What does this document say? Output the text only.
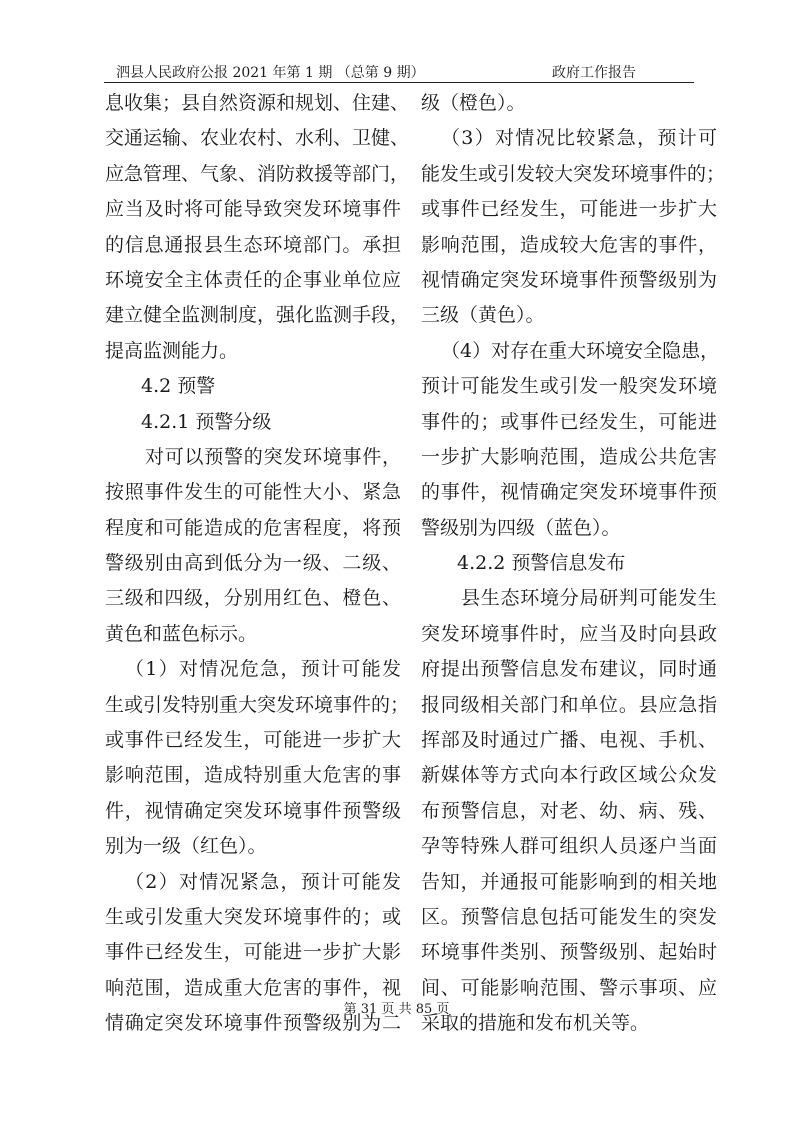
泗县人民政府公报 2021 年第 1 期 （总第 9 期）	政府工作报告
息收集；县自然资源和规划、住建、
交通运输、农业农村、水利、卫健、
应急管理、气象、消防救援等部门，
应当及时将可能导致突发环境事件
的信息通报县生态环境部门。承担
环境安全主体责任的企事业单位应
建立健全监测制度，强化监测手段，
提高监测能力。
4.2 预警
4.2.1 预警分级
对可以预警的突发环境事件，
按照事件发生的可能性大小、紧急
程度和可能造成的危害程度，将预
警级别由高到低分为一级、二级、
三级和四级，分别用红色、橙色、
黄色和蓝色标示。
（1）对情况危急，预计可能发
生或引发特别重大突发环境事件的；
或事件已经发生，可能进一步扩大
影响范围，造成特别重大危害的事
件，视情确定突发环境事件预警级
别为一级（红色）。
（2）对情况紧急，预计可能发
生或引发重大突发环境事件的；或
事件已经发生，可能进一步扩大影
响范围，造成重大危害的事件，视
情确定突发环境事件预警级别为二
级（橙色）。
（3）对情况比较紧急，预计可
能发生或引发较大突发环境事件的；
或事件已经发生，可能进一步扩大
影响范围，造成较大危害的事件，
视情确定突发环境事件预警级别为
三级（黄色）。
（4）对存在重大环境安全隐患，
预计可能发生或引发一般突发环境
事件的；或事件已经发生，可能进
一步扩大影响范围，造成公共危害
的事件，视情确定突发环境事件预
警级别为四级（蓝色）。
4.2.2 预警信息发布
县生态环境分局研判可能发生
突发环境事件时，应当及时向县政
府提出预警信息发布建议，同时通
报同级相关部门和单位。县应急指
挥部及时通过广播、电视、手机、
新媒体等方式向本行政区域公众发
布预警信息，对老、幼、病、残、
孕等特殊人群可组织人员逐户当面
告知，并通报可能影响到的相关地
区。预警信息包括可能发生的突发
环境事件类别、预警级别、起始时
间、可能影响范围、警示事项、应
采取的措施和发布机关等。
第 31 页 共 85 页
